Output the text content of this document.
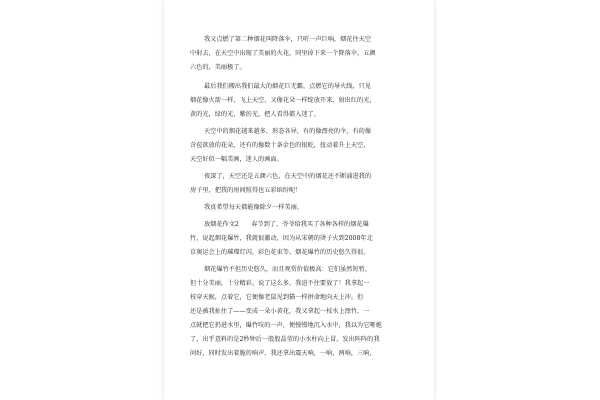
我又点燃了第二种烟花叫降落伞，只听一声巨响，烟花往天空
中射去，在天空中出现了美丽的火花，同里掉下来一个降落伞，五颜
六色的，美丽极了。
最后我们搬出我们最大的烟花巨无霸，点燃它的导火线，只见
烟花像火箭一样，飞上天空，又像花朵一样绽放开来，射出红的光，
黄的光，绿的光，紫的光，把人看得都入迷了。
天空中的烟花越来越多，形态各异，有的像漂亮的伞，有的像
含苞欲放的花朵，还有的像数十条金色的银蛇，扭动着升上天空，
天空好似一幅美画，迷人的画面。
夜深了，天空还是五颜六色，在天空中的烟花还不断涌进我的
房子里，把我的房间照得也五彩缤纷呢！
我真希望每天都能像除夕一样美丽。
放烟花作文2　　春节到了，爷爷给我买了各种各样的烟花爆
竹，说起烟花爆竹，我就很激动，因为从宋朝的烫子火到2008年北
京奥运会上的璀璨灯闪，彩色花束等，烟花爆竹的历史悠久得很。
烟花爆竹不但历史悠久，而且观赏价值极高：它们虽然短暂，
但十分美丽，十分精彩。说了这么多，我迫不住要放了！我拿起一
枝穿天猴，点着它，它便像老鼠见到猫一样拼命地向天上冲。但
还是被我扯住了——变成一朵小黄花，我又拿起一枝水上漂竹，一
点就把它扔进水里，爆竹吱的一声，便慢慢地沉入水中，我以为它哑炮
了，出乎意料的是2秒钟后一股股晶莹的小水柱向上冒，发出阵阵的我
问好，同时发出着脆的响声，我还拿出震天响，一响，两响，三响，
